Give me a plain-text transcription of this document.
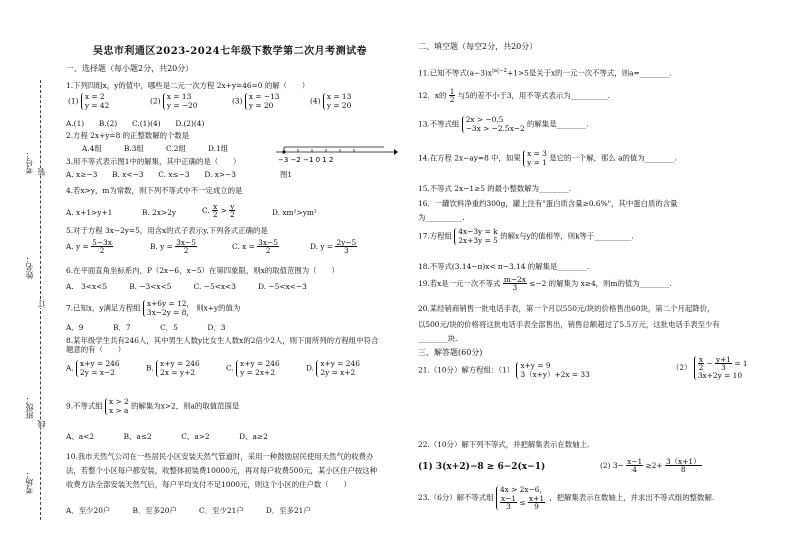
考号：
姓名：
班级：
考场：
装
订
线
吴忠市利通区2023-2024七年级下数学第二次月考测试卷
一、选择题（每小题2分，共20分）
1.下列四组x，y的值中，哪些是二元一次方程 2x+y=46=0 的解（　　）
(1) x = 2
y = 42	(2) x = 13
y = −20	(3) x = −13
y = 20	(4) x = 13
y = 20
A.(1)　　B.(2)　　C.(1)(4)　　D.(2)(4)
2.方程 2x+y=8 的正整数解的个数是
A.4组　　　B.3组　　　C.2组　　　D.1组
−3 −2 −1 0 1 2
3.用不等式表示图1中的解集，其中正确的是（　　）
A. x≥−3　　B. x<−3　　C. x≤−3　　D. x>−3	图1
4.若x>y，m为常数，则下列不等式中不一定成立的是
A. x+1>y+1	B. 2x>2y	C. $\frac{x}{2} > \frac{y}{2}$	D. xm²>ym²
5.对于方程 3x−2y=5，用含x的式子表示y,下列各式正确的是
A. $y = \frac{5-3x}{2}$	B. $y = \frac{3x-5}{2}$	C. $x = \frac{3x-5}{2}$	D. $y = \frac{2y-5}{3}$
6.在平面直角坐标系内，P（2x−6，x−5）在第四象限，则x的取值范围为（　　）
A.　3<x<5　　　B. −3<x<5　　　C. −5<x<3　　　D. −5<x<−3
7.已知x，y满足方程组 x+6y = 12，
3x−2y = 8， 则x+y的值为
A．9　　　　B．7　　　　C．5　　　　D．3
8.某年级学生共有246人，其中男生人数y比女生人数x的2倍少2人，则下面所列的方程组中符合题意的有（　　）
A. x+y = 246
2y = x−2	B. x+y = 246
2x = y+2	C. x+y = 246
y = 2x+2	D. x+y = 246
2y = x+2
9.不等式组 x > 2
x > a 的解集为x>2，则a的取值范围是
A、a<2　　　　B、a≤2　　　　C、a>2　　　　D、a≥2
10.我市天然气公司在一些居民小区安装天然气管道时，采用一种鼓励居民使用天然气的收费办
法，若整个小区每户都安装，收整体初装费10000元，再对每户收费500元，某小区住户按这种
收费方法全部安装天然气后，每户平均支付不足1000元，则这个小区的住户数（　　）
A．至少20户　　　B．至多20户　　　C．至少21户　　　D．至多21户
二、填空题（每空2分，共20分）
11.已知不等式$(a-3)x^{|a|-2}+1>5$是关于x的一元一次不等式，则a=________.
12．x的 $\frac{1}{2}$ 与5的差不小于3，用不等式表示为__________.
13.不等式组 2x > −0.5
−3x > −2.5x−2 的解集是________.
14.在方程 2x−ay=8 中，如果 x = 3
y = 1 是它的一个解，那么 a的值为________.
15.不等式 2x−1≥5 的最小整数解为________.
16．一罐饮料净重约300g，罐上注有"蛋白质含量≥0.6%"，其中蛋白质的含量
为__________.
17.方程组 4x−3y = k
2x+3y = 5 的解x与y的值相等，则k等于__________.
18.不等式(3.14−π)x< π−3.14 的解集是________.
19.若x是一元一次不等式 $\frac{m-2x}{3} \le-2$ 的解集为 x≥4，则m的值为________.
20.某经销商销售一批电话手表，第一个月以550元/块的价格售出60块，第二个月起降价，
以500元/块的价格将这批电话手表全部售出，销售总额超过了5.5万元，这批电话手表至少有
________块.
三、解答题(60分)
21.（10分）解方程组：（1） x+y = 9
3（x+y）+2x = 33
$(2) \frac{x}{2} - \frac{y+1}{3} = 1$
3x+2y = 10
22.（10分）解下列不等式，并把解集表示在数轴上.
(1) 3(x+2)−8 ≥ 6−2(x−1)	(2) $3- \frac{x-1}{4} \ge 2+ \frac{3(x+1)}{8}$
23.（6分）解不等式组 4x > 2x−6，

$\frac{x-1}{3} \le \frac{x+1}{9}$ ，把解集表示在数轴上，并求出不等式组的整数解.
